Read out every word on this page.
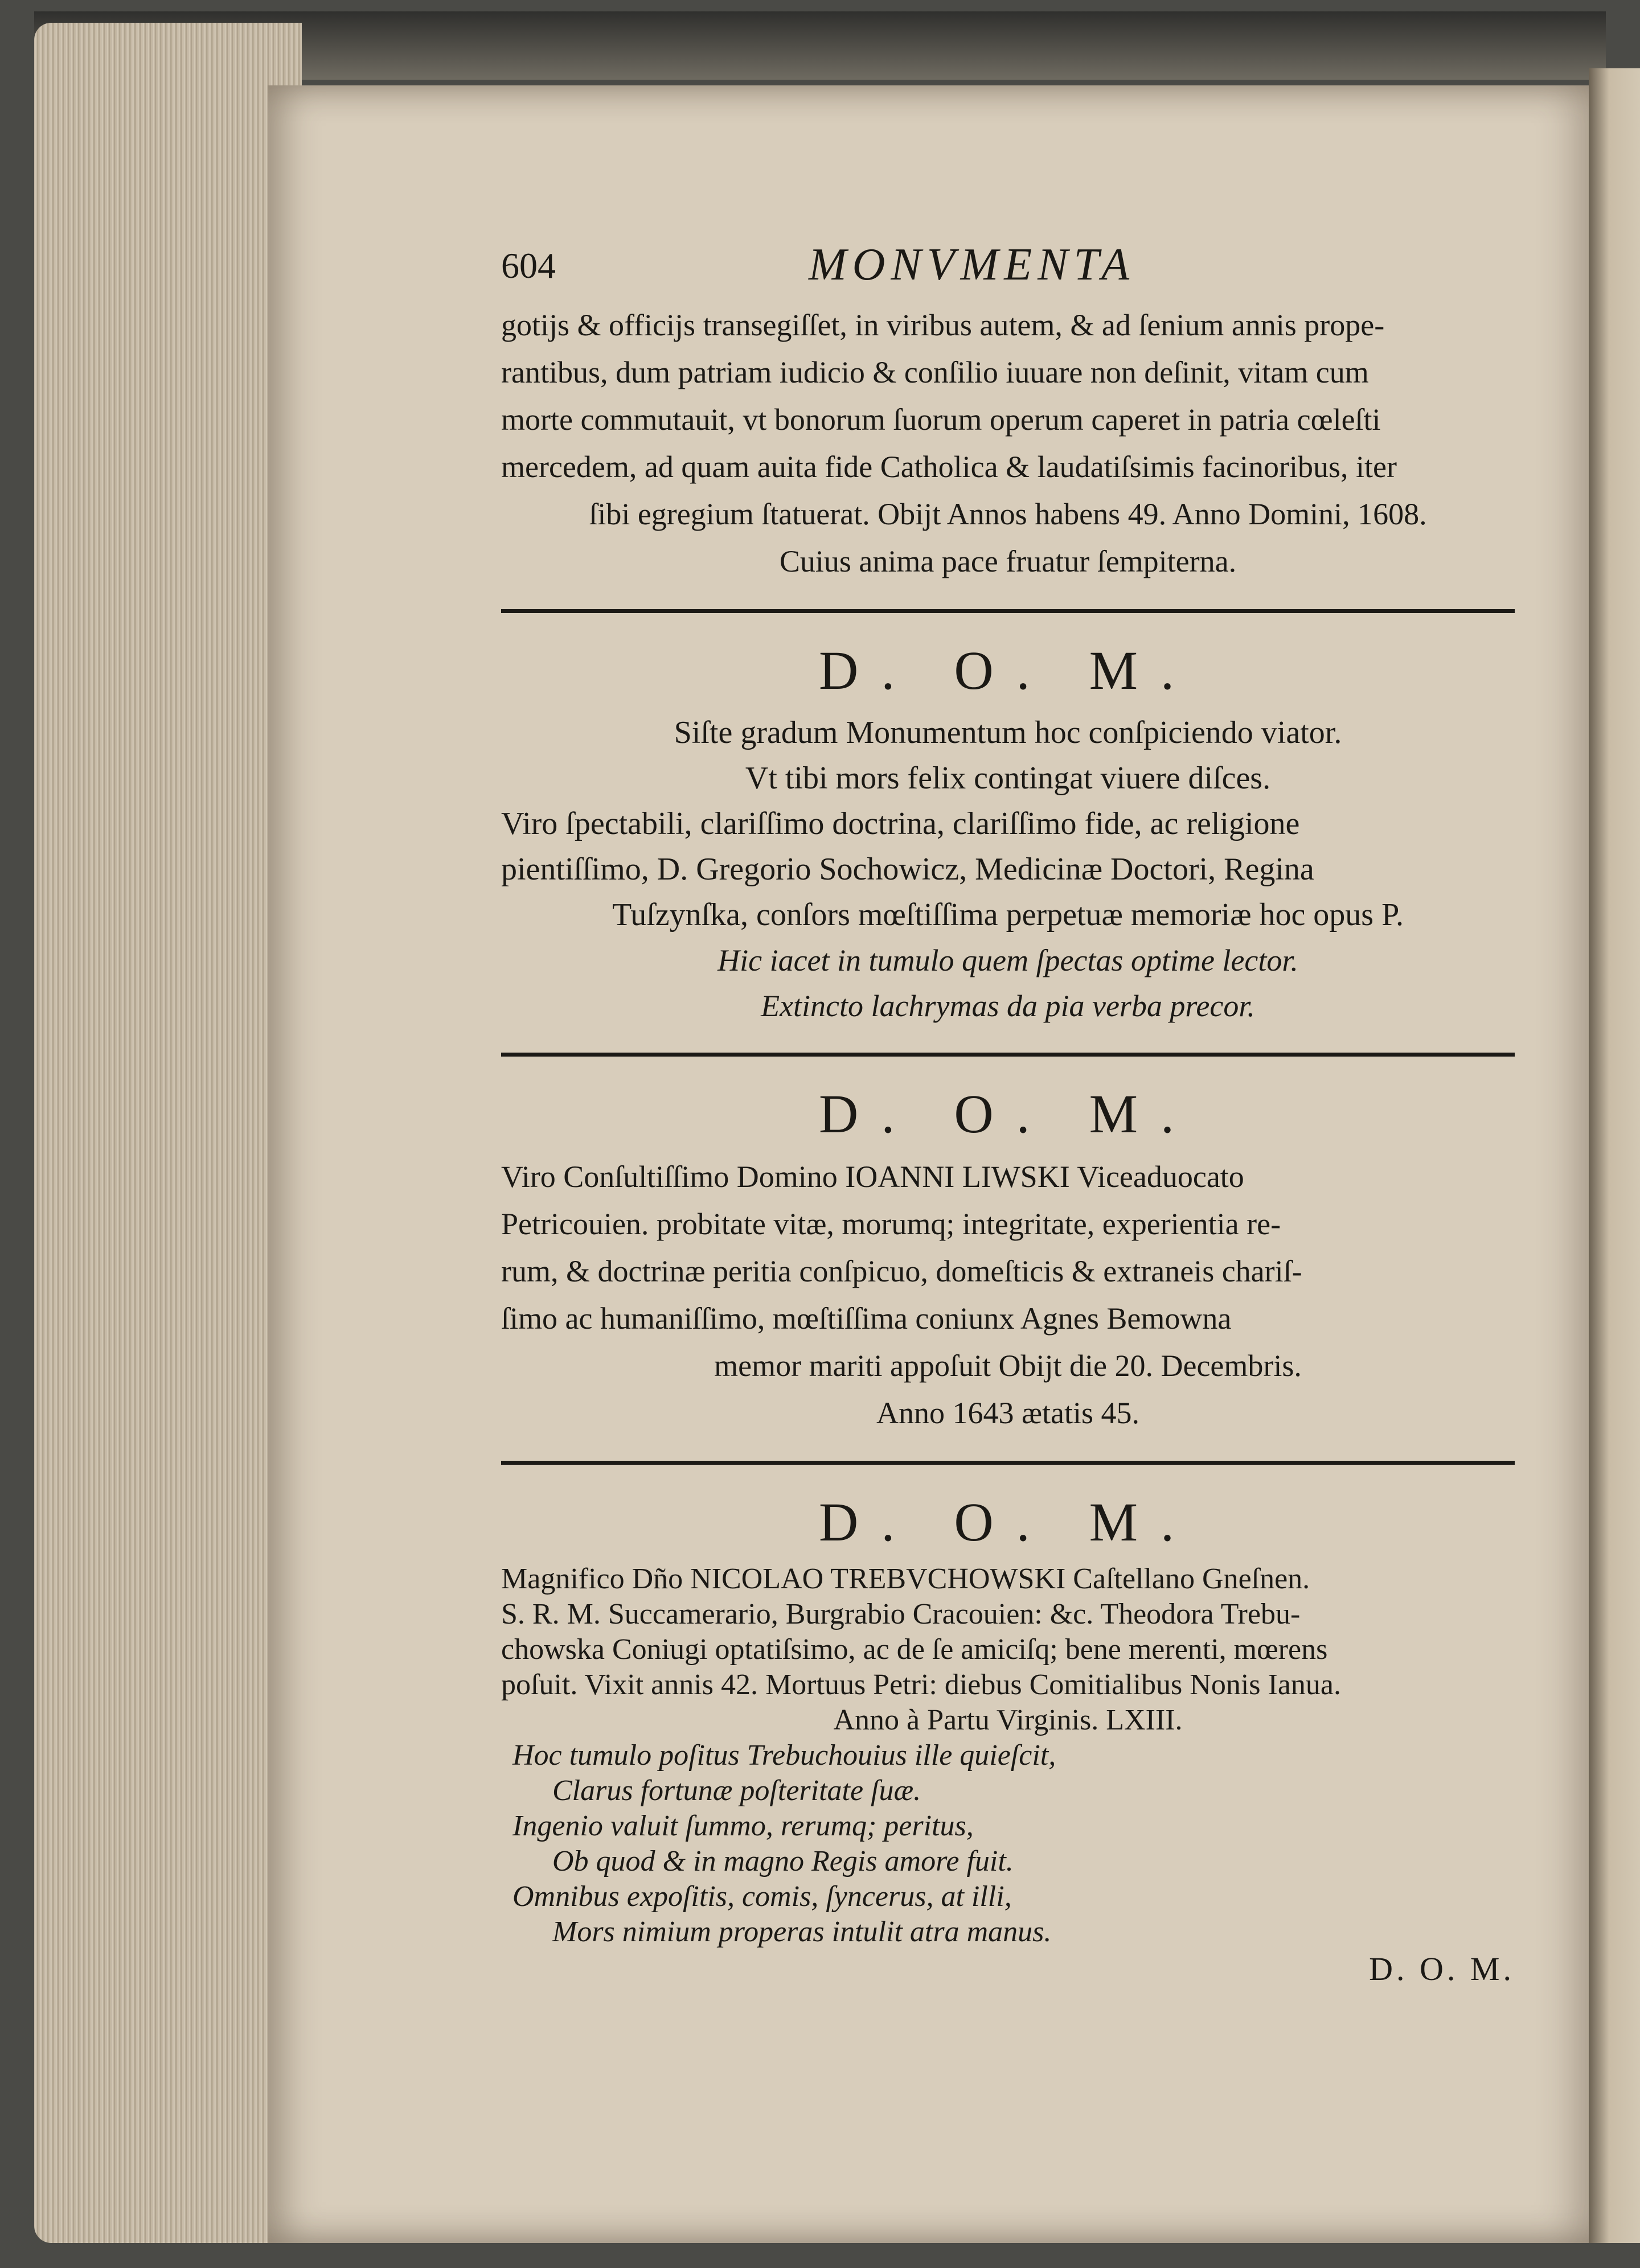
604	MONVMENTA
gotijs & officijs transegiſſet, in viribus autem, & ad ſenium annis prope-
rantibus, dum patriam iudicio & conſilio iuuare non deſinit, vitam cum
morte commutauit, vt bonorum ſuorum operum caperet in patria cœleſti
mercedem, ad quam auita fide Catholica & laudatiſsimis facinoribus, iter
ſibi egregium ſtatuerat. Obijt Annos habens 49. Anno Domini, 1608.
Cuius anima pace fruatur ſempiterna.
D. O. M.
Siſte gradum Monumentum hoc conſpiciendo viator.
Vt tibi mors felix contingat viuere diſces.
Viro ſpectabili, clariſſimo doctrina, clariſſimo fide, ac religione
pientiſſimo, D. Gregorio Sochowicz, Medicinæ Doctori, Regina
Tuſzynſka, conſors mœſtiſſima perpetuæ memoriæ hoc opus P.
Hic iacet in tumulo quem ſpectas optime lector.
Extincto lachrymas da pia verba precor.
D. O. M.
Viro Conſultiſſimo Domino IOANNI LIWSKI Viceaduocato
Petricouien. probitate vitæ, morumq; integritate, experientia re-
rum, & doctrinæ peritia conſpicuo, domeſticis & extraneis chariſ-
ſimo ac humaniſſimo, mœſtiſſima coniunx Agnes Bemowna
memor mariti appoſuit Obijt die 20. Decembris.
Anno 1643 ætatis 45.
D. O. M.
Magnifico Dño NICOLAO TREBVCHOWSKI Caſtellano Gneſnen.
S. R. M. Succamerario, Burgrabio Cracouien: &c. Theodora Trebu-
chowska Coniugi optatiſsimo, ac de ſe amiciſq; bene merenti, mœrens
poſuit. Vixit annis 42. Mortuus Petri: diebus Comitialibus Nonis Ianua.
Anno à Partu Virginis. LXIII.
Hoc tumulo poſitus Trebuchouius ille quieſcit,
Clarus fortunæ poſteritate ſuæ.
Ingenio valuit ſummo, rerumq; peritus,
Ob quod & in magno Regis amore fuit.
Omnibus expoſitis, comis, ſyncerus, at illi,
Mors nimium properas intulit atra manus.
D. O. M.
